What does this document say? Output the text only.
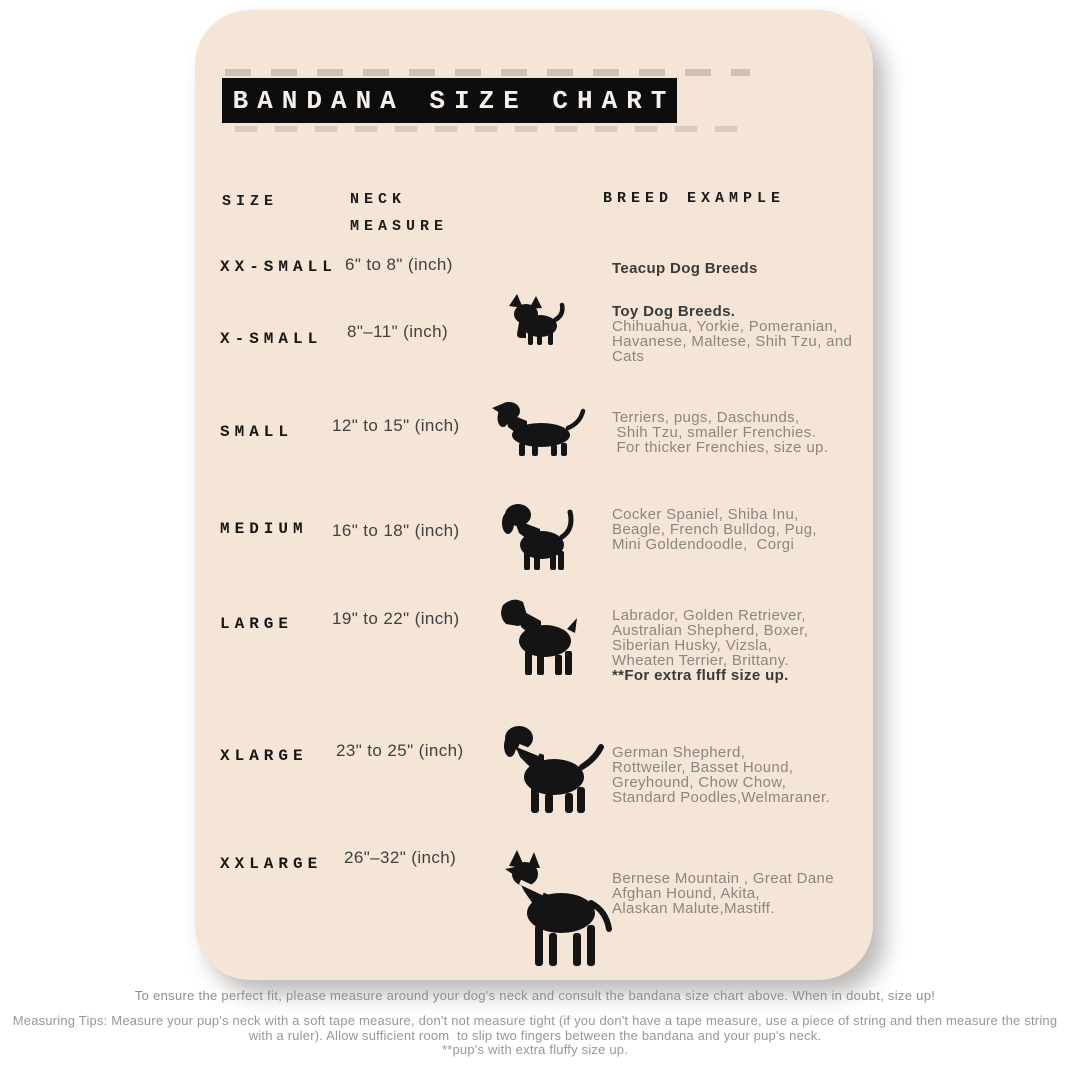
BANDANA SIZE CHART
SIZE	NECK
MEASURE
BREED EXAMPLE
XX-SMALL 6" to 8" (inch)	Teacup Dog Breeds
X-SMALL 8"–11" (inch)
Toy Dog Breeds.
Chihuahua, Yorkie, Pomeranian,
Havanese, Maltese, Shih Tzu, and
Cats
SMALL 12" to 15" (inch)	Terriers, pugs, Daschunds,
Shih Tzu, smaller Frenchies.
For thicker Frenchies, size up.
MEDIUM 16" to 18" (inch)
Cocker Spaniel, Shiba Inu,
Beagle, French Bulldog, Pug,
Mini Goldendoodle,  Corgi
LARGE 19" to 22" (inch)	Labrador, Golden Retriever,
Australian Shepherd, Boxer,
Siberian Husky, Vizsla,
Wheaten Terrier, Brittany.
**For extra fluff size up.
XLARGE 23" to 25" (inch)	German Shepherd,
Rottweiler, Basset Hound,
Greyhound, Chow Chow,
Standard Poodles,Welmaraner.
XXLARGE 26"–32" (inch)
Bernese Mountain , Great Dane
Afghan Hound, Akita,
Alaskan Malute,Mastiff.
To ensure the perfect fit, please measure around your dog's neck and consult the bandana size chart above. When in doubt, size up!
Measuring Tips: Measure your pup's neck with a soft tape measure, don't not measure tight (if you don't have a tape measure, use a piece of string and then measure the string
with a ruler). Allow sufficient room  to slip two fingers between the bandana and your pup's neck.
**pup's with extra fluffy size up.
